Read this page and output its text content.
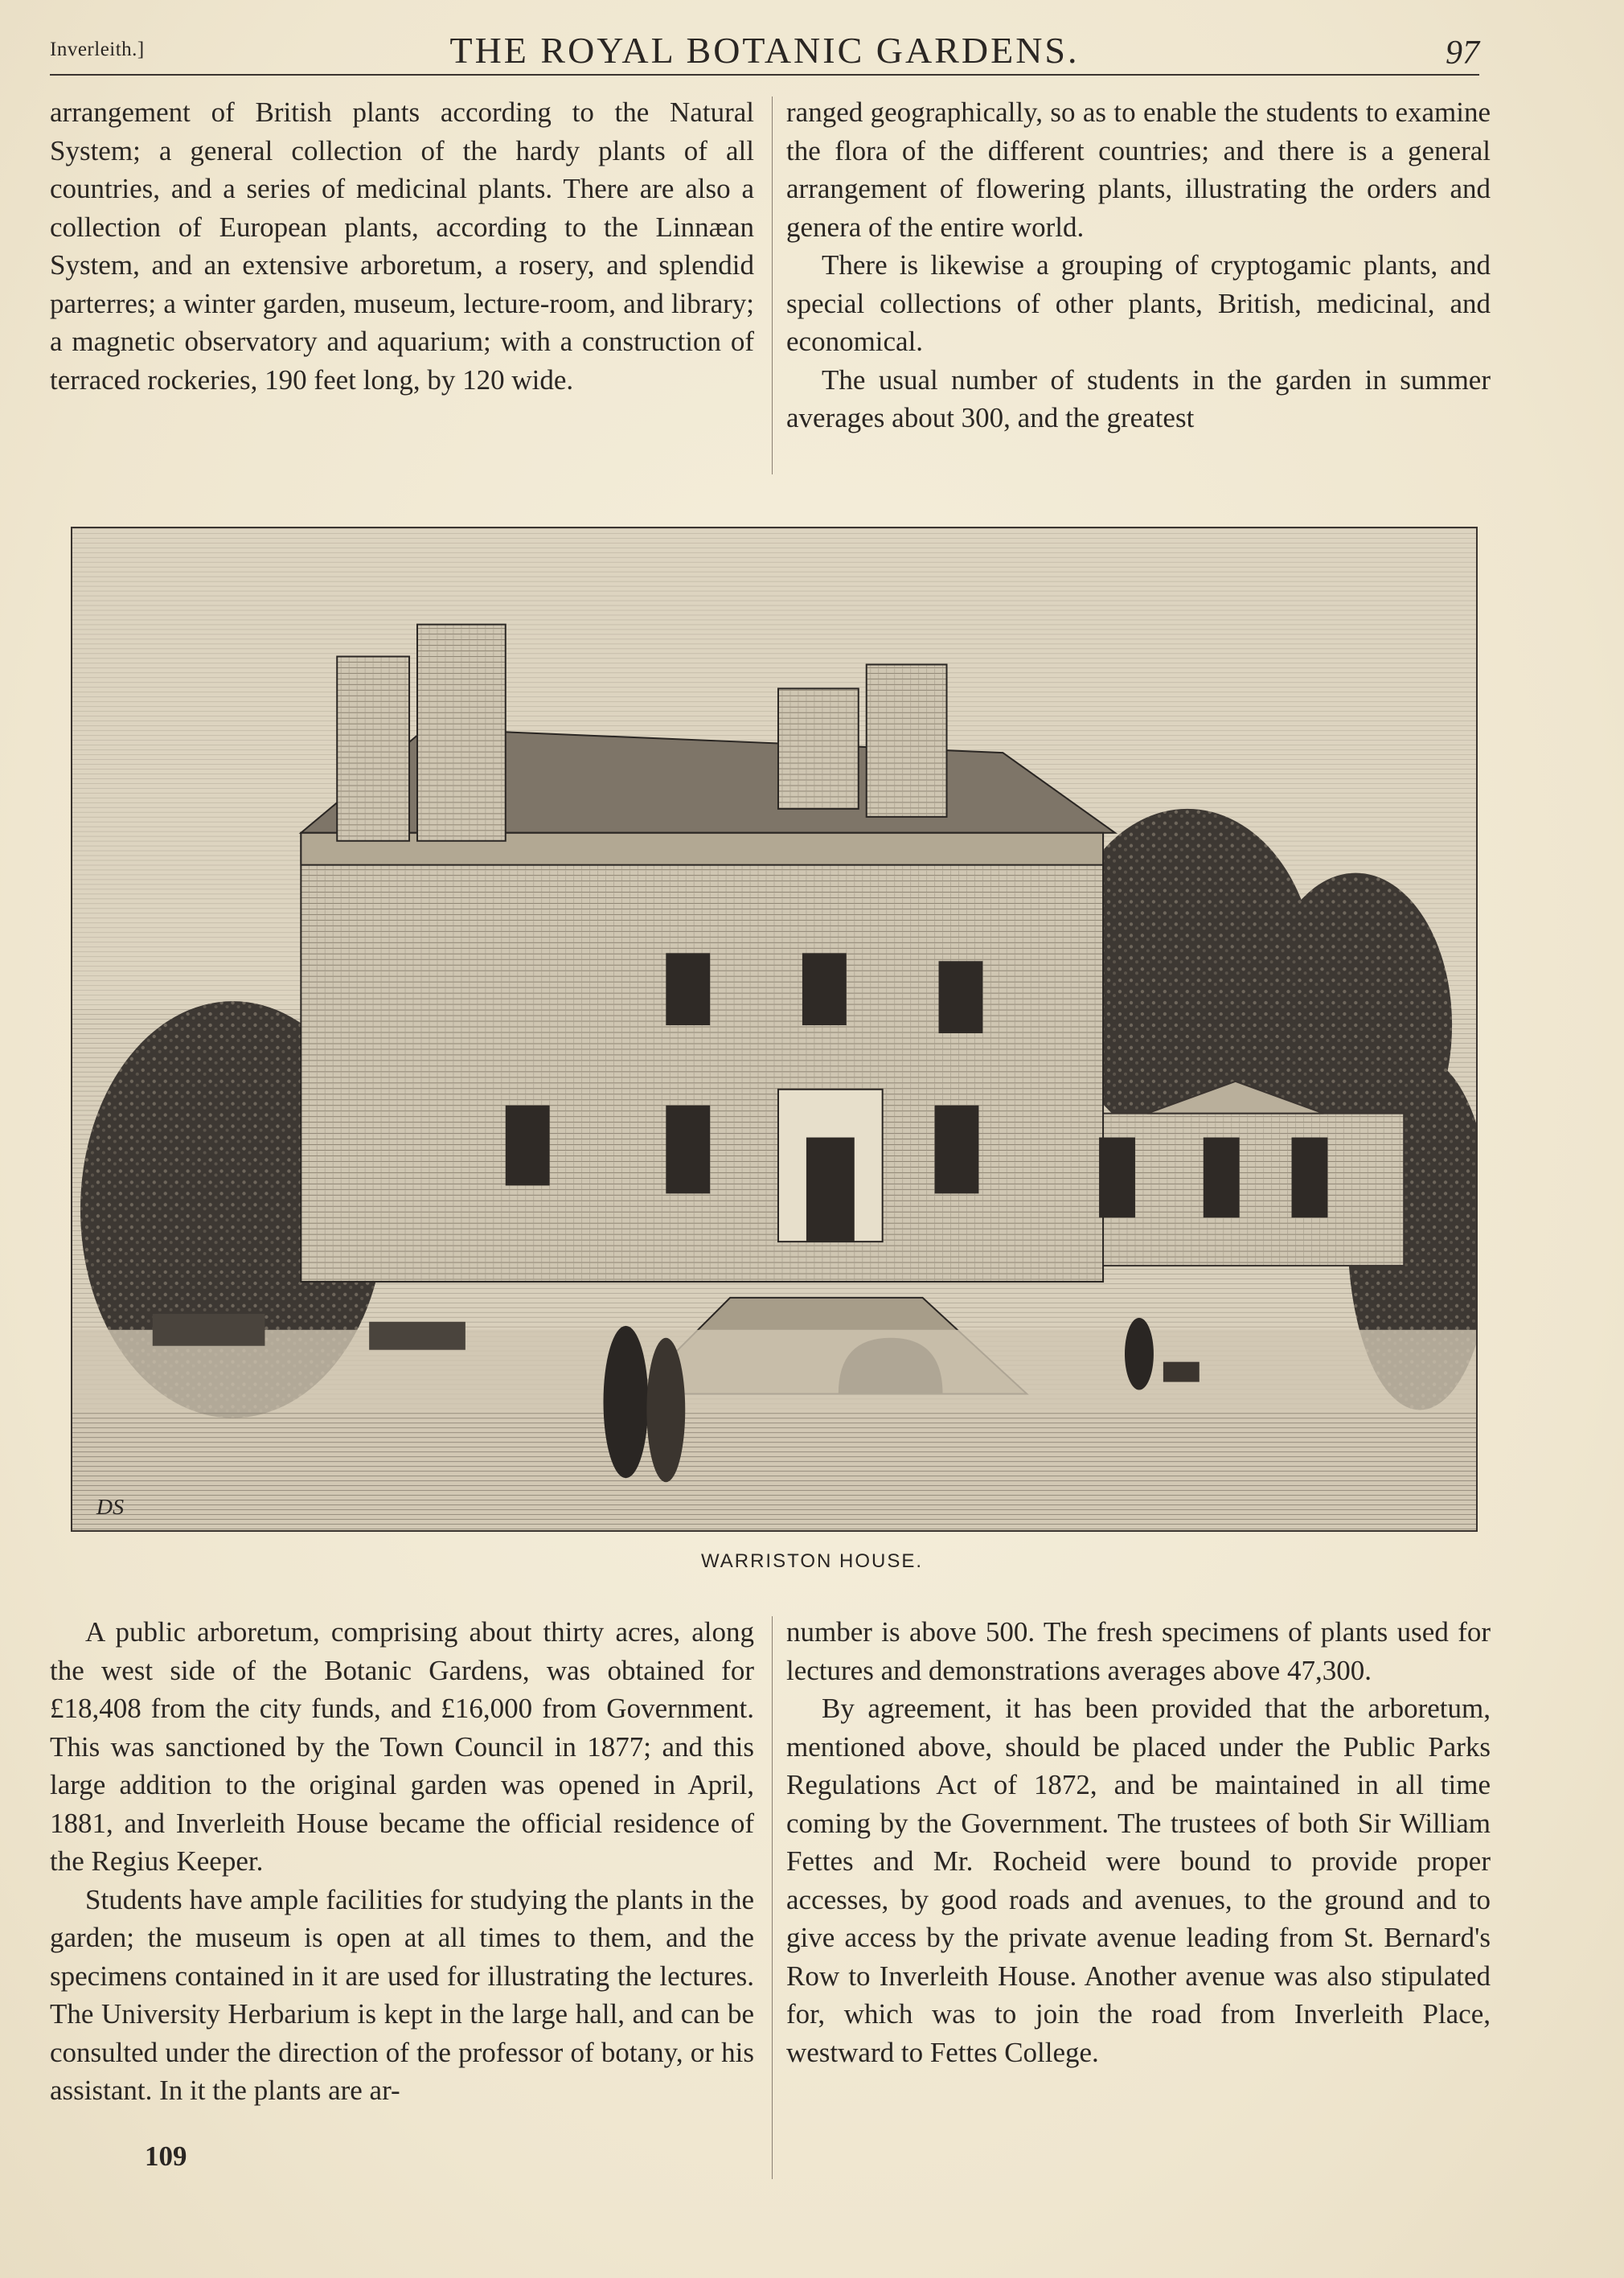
Inverleith.]	THE ROYAL BOTANIC GARDENS.	97

arrangement of British plants according to the Natural System; a general collection of the hardy plants of all countries, and a series of medicinal plants. There are also a collection of European plants, according to the Linnæan System, and an extensive arboretum, a rosery, and splendid parterres; a winter garden, museum, lecture-room, and library; a magnetic observatory and aquarium; with a construction of terraced rockeries, 190 feet long, by 120 wide.

ranged geographically, so as to enable the students to examine the flora of the different countries; and there is a general arrangement of flowering plants, illustrating the orders and genera of the entire world.

There is likewise a grouping of cryptogamic plants, and special collections of other plants, British, medicinal, and economical.

The usual number of students in the garden in summer averages about 300, and the greatest

DS
WARRISTON HOUSE.

A public arboretum, comprising about thirty acres, along the west side of the Botanic Gardens, was obtained for £18,408 from the city funds, and £16,000 from Government. This was sanctioned by the Town Council in 1877; and this large addition to the original garden was opened in April, 1881, and Inverleith House became the official residence of the Regius Keeper.

Students have ample facilities for studying the plants in the garden; the museum is open at all times to them, and the specimens contained in it are used for illustrating the lectures. The University Herbarium is kept in the large hall, and can be consulted under the direction of the professor of botany, or his assistant. In it the plants are ar-

number is above 500. The fresh specimens of plants used for lectures and demonstrations averages above 47,300.

By agreement, it has been provided that the arboretum, mentioned above, should be placed under the Public Parks Regulations Act of 1872, and be maintained in all time coming by the Government. The trustees of both Sir William Fettes and Mr. Rocheid were bound to provide proper accesses, by good roads and avenues, to the ground and to give access by the private avenue leading from St. Bernard's Row to Inverleith House. Another avenue was also stipulated for, which was to join the road from Inverleith Place, westward to Fettes College.

109
